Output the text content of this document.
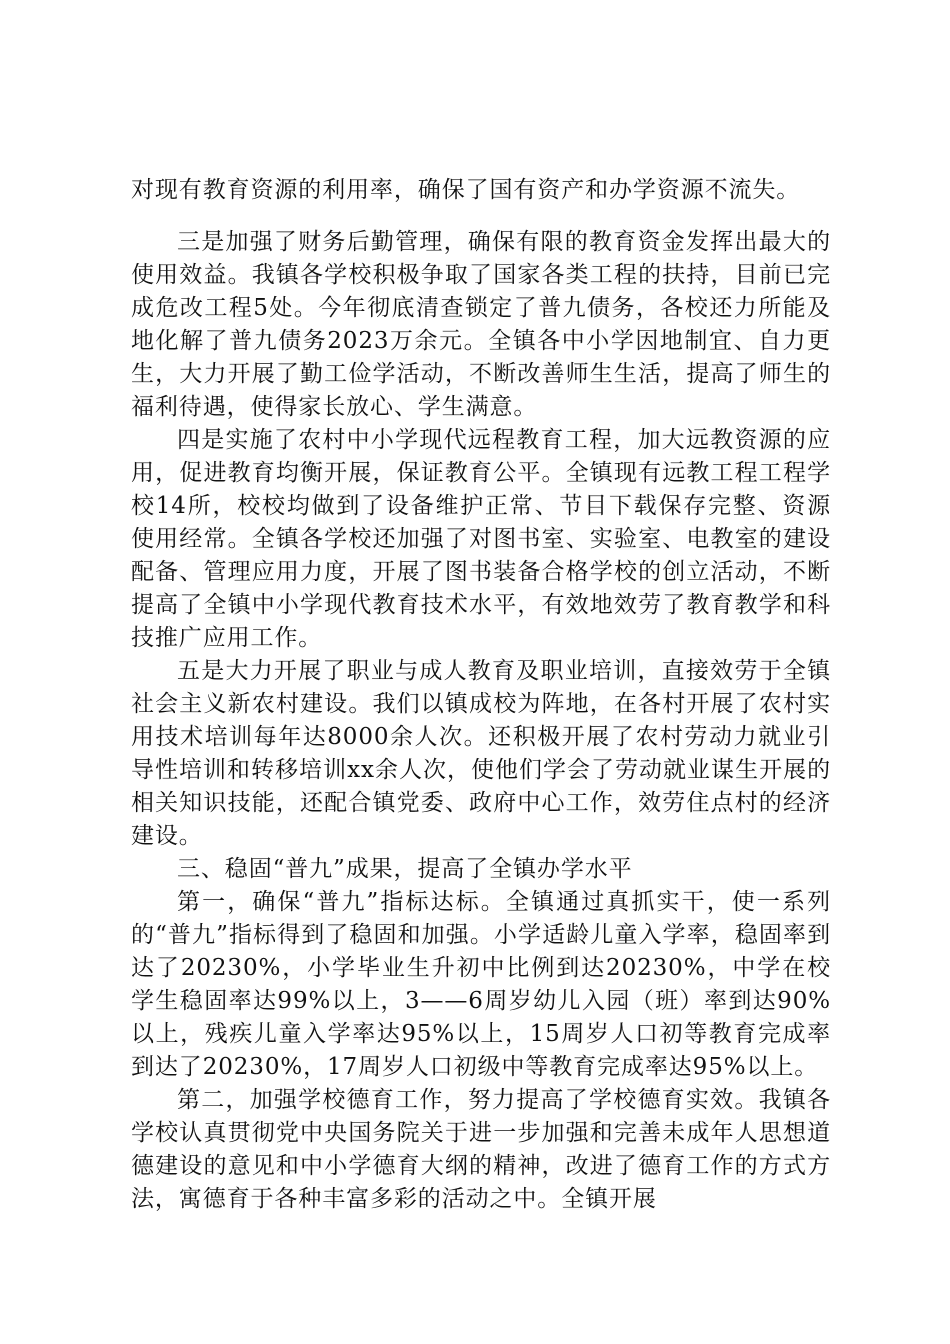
对现有教育资源的利用率，确保了国有资产和办学资源不流失。

三是加强了财务后勤管理，确保有限的教育资金发挥出最大的使用效益。我镇各学校积极争取了国家各类工程的扶持，目前已完成危改工程5处。今年彻底清查锁定了普九债务，各校还力所能及地化解了普九债务2023万余元。全镇各中小学因地制宜、自力更生，大力开展了勤工俭学活动，不断改善师生生活，提高了师生的福利待遇，使得家长放心、学生满意。

四是实施了农村中小学现代远程教育工程，加大远教资源的应用，促进教育均衡开展，保证教育公平。全镇现有远教工程工程学校14所，校校均做到了设备维护正常、节目下载保存完整、资源使用经常。全镇各学校还加强了对图书室、实验室、电教室的建设配备、管理应用力度，开展了图书装备合格学校的创立活动，不断提高了全镇中小学现代教育技术水平，有效地效劳了教育教学和科技推广应用工作。

五是大力开展了职业与成人教育及职业培训，直接效劳于全镇社会主义新农村建设。我们以镇成校为阵地，在各村开展了农村实用技术培训每年达8000余人次。还积极开展了农村劳动力就业引导性培训和转移培训xx余人次，使他们学会了劳动就业谋生开展的相关知识技能，还配合镇党委、政府中心工作，效劳住点村的经济建设。

三、稳固“普九”成果，提高了全镇办学水平

第一，确保“普九”指标达标。全镇通过真抓实干，使一系列的“普九”指标得到了稳固和加强。小学适龄儿童入学率，稳固率到达了20230%，小学毕业生升初中比例到达20230%，中学在校学生稳固率达99%以上，3——6周岁幼儿入园（班）率到达90%以上，残疾儿童入学率达95%以上，15周岁人口初等教育完成率到达了20230%，17周岁人口初级中等教育完成率达95%以上。

第二，加强学校德育工作，努力提高了学校德育实效。我镇各学校认真贯彻党中央国务院关于进一步加强和完善未成年人思想道德建设的意见和中小学德育大纲的精神，改进了德育工作的方式方法，寓德育于各种丰富多彩的活动之中。全镇开展
